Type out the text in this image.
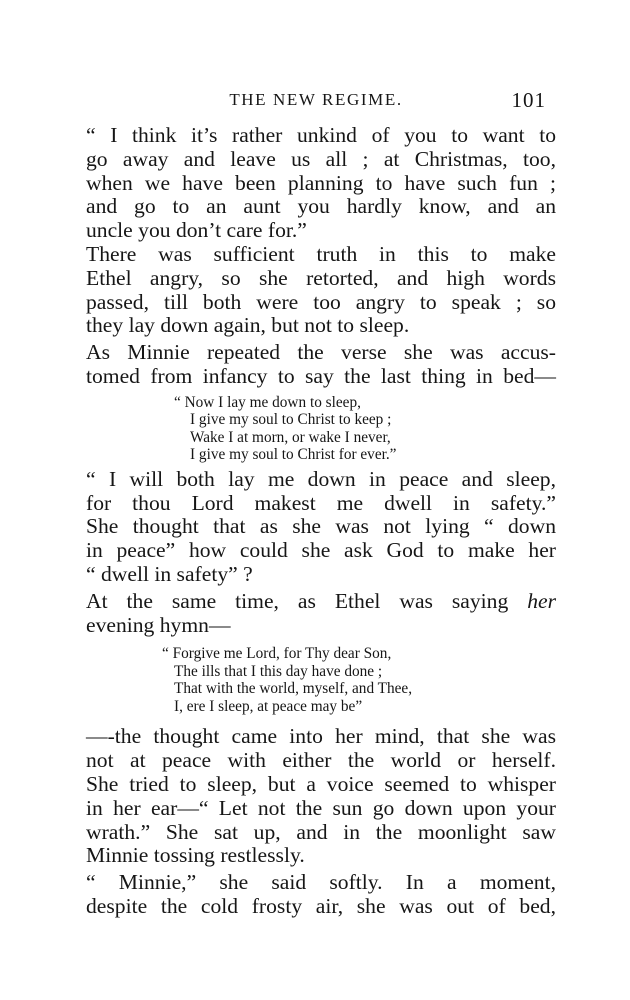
THE NEW REGIME.	101
“ I think it’s rather unkind of you to want to
go away and leave us all ; at Christmas, too,
when we have been planning to have such fun ;
and go to an aunt you hardly know, and an
uncle you don’t care for.”
There was sufficient truth in this to make
Ethel angry, so she retorted, and high words
passed, till both were too angry to speak ; so
they lay down again, but not to sleep.
As Minnie repeated the verse she was accus-
tomed from infancy to say the last thing in bed—
“ Now I lay me down to sleep,
I give my soul to Christ to keep ;
Wake I at morn, or wake I never,
I give my soul to Christ for ever.”
“ I will both lay me down in peace and sleep,
for thou Lord makest me dwell in safety.”
She thought that as she was not lying “ down
in peace” how could she ask God to make her
“ dwell in safety” ?
At the same time, as Ethel was saying her
evening hymn—
“ Forgive me Lord, for Thy dear Son,
The ills that I this day have done ;
That with the world, myself, and Thee,
I, ere I sleep, at peace may be”
—-the thought came into her mind, that she was
not at peace with either the world or herself.
She tried to sleep, but a voice seemed to whisper
in her ear—“ Let not the sun go down upon your
wrath.” She sat up, and in the moonlight saw
Minnie tossing restlessly.
“ Minnie,” she said softly. In a moment,
despite the cold frosty air, she was out of bed,
